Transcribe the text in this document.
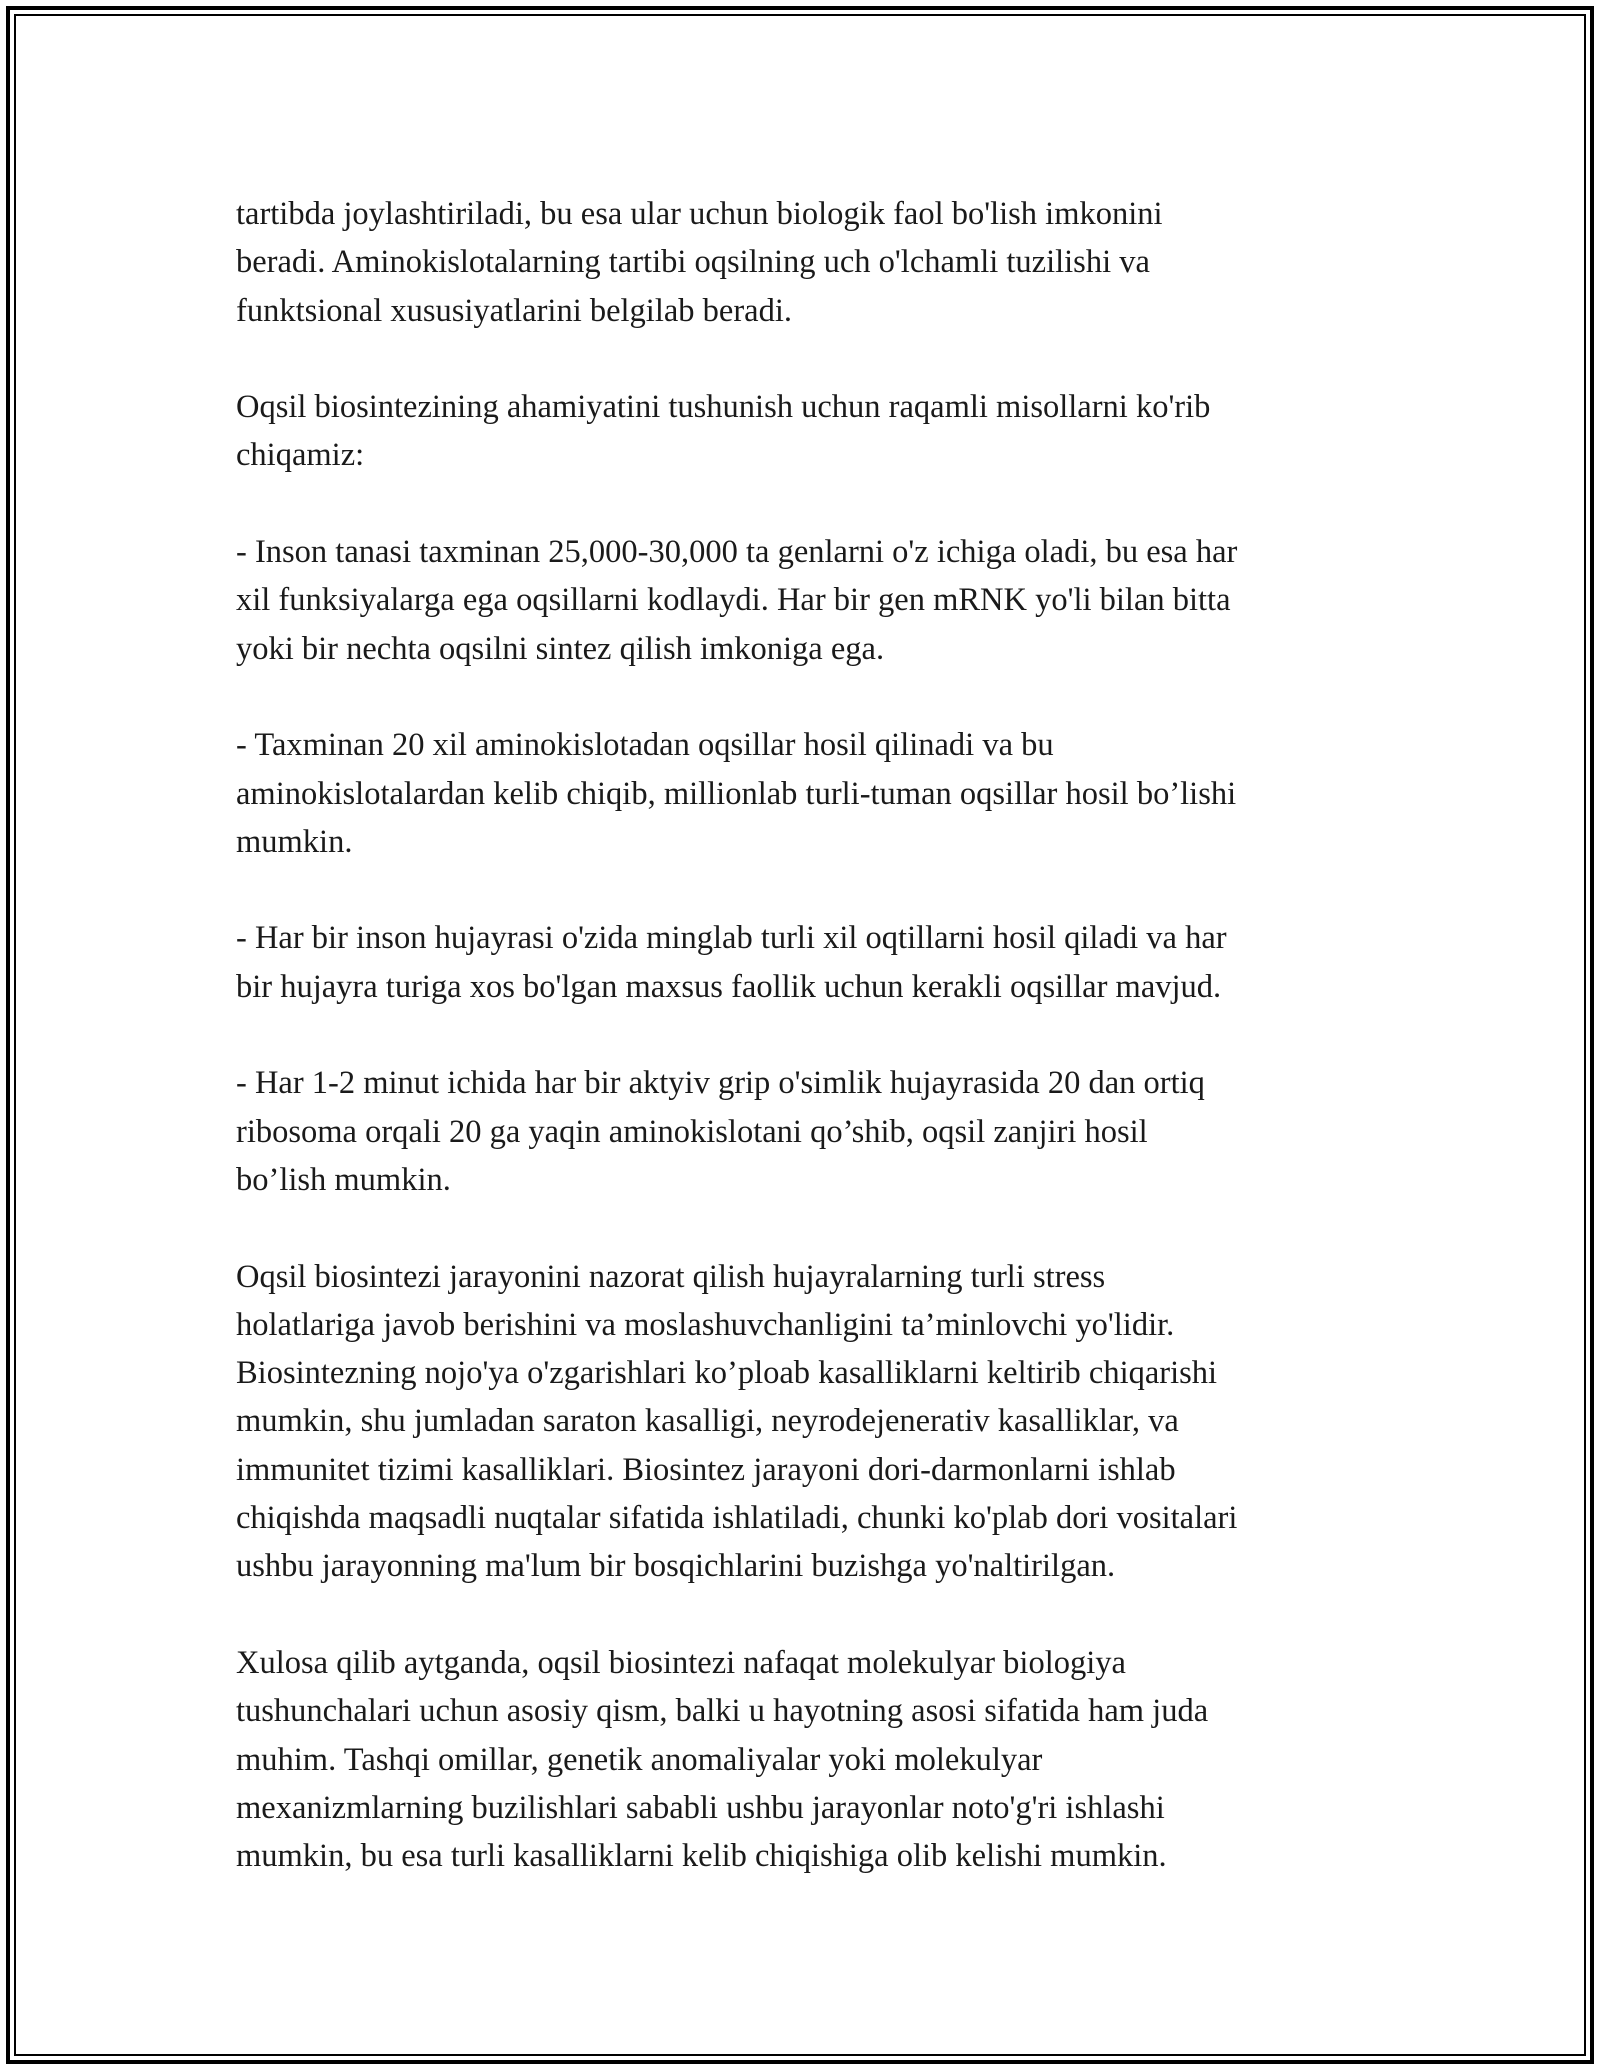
tartibda joylashtiriladi, bu esa ular uchun biologik faol bo'lish imkonini
beradi. Aminokislotalarning tartibi oqsilning uch o'lchamli tuzilishi va
funktsional xususiyatlarini belgilab beradi.

Oqsil biosintezining ahamiyatini tushunish uchun raqamli misollarni ko'rib
chiqamiz:

- Inson tanasi taxminan 25,000-30,000 ta genlarni o'z ichiga oladi, bu esa har
xil funksiyalarga ega oqsillarni kodlaydi. Har bir gen mRNK yo'li bilan bitta
yoki bir nechta oqsilni sintez qilish imkoniga ega.

- Taxminan 20 xil aminokislotadan oqsillar hosil qilinadi va bu
aminokislotalardan kelib chiqib, millionlab turli-tuman oqsillar hosil bo’lishi
mumkin.

- Har bir inson hujayrasi o'zida minglab turli xil oqtillarni hosil qiladi va har
bir hujayra turiga xos bo'lgan maxsus faollik uchun kerakli oqsillar mavjud.

- Har 1-2 minut ichida har bir aktyiv grip o'simlik hujayrasida 20 dan ortiq
ribosoma orqali 20 ga yaqin aminokislotani qo’shib, oqsil zanjiri hosil
bo’lish mumkin.

Oqsil biosintezi jarayonini nazorat qilish hujayralarning turli stress
holatlariga javob berishini va moslashuvchanligini ta’minlovchi yo'lidir.
Biosintezning nojo'ya o'zgarishlari ko’ploab kasalliklarni keltirib chiqarishi
mumkin, shu jumladan saraton kasalligi, neyrodejenerativ kasalliklar, va
immunitet tizimi kasalliklari. Biosintez jarayoni dori-darmonlarni ishlab
chiqishda maqsadli nuqtalar sifatida ishlatiladi, chunki ko'plab dori vositalari
ushbu jarayonning ma'lum bir bosqichlarini buzishga yo'naltirilgan.

Xulosa qilib aytganda, oqsil biosintezi nafaqat molekulyar biologiya
tushunchalari uchun asosiy qism, balki u hayotning asosi sifatida ham juda
muhim. Tashqi omillar, genetik anomaliyalar yoki molekulyar
mexanizmlarning buzilishlari sababli ushbu jarayonlar noto'g'ri ishlashi
mumkin, bu esa turli kasalliklarni kelib chiqishiga olib kelishi mumkin.
